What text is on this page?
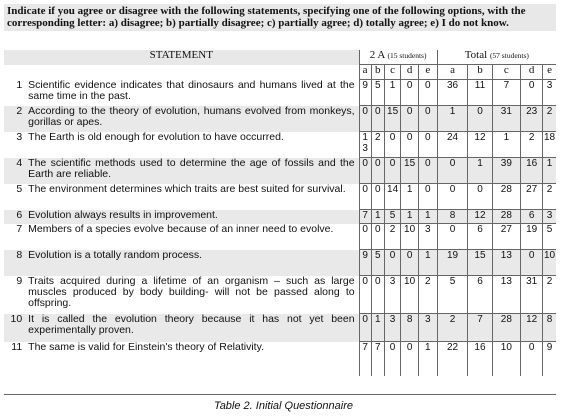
Indicate if you agree or disagree with the following statements, specifying one of the following options, with the corresponding letter: a) disagree; b) partially disagree; c) partially agree; d) totally agree; e) I do not know.
STATEMENT		2 A (15 students)					Total (57 students)				
		a	b	c	d	e	a	b	c	d	e
1	Scientific evidence indicates that dinosaurs and humans lived at the same time in the past.	9	5	1	0	0	36	11	7	0	3
2	According to the theory of evolution, humans evolved from monkeys, gorillas or apes.	0	0	15	0	0	1	0	31	23	2
3	The Earth is old enough for evolution to have occurred.	13	2	0	0	0	24	12	1	2	18
4	The scientific methods used to determine the age of fossils and the Earth are reliable.	0	0	0	15	0	0	1	39	16	1
5	The environment determines which traits are best suited for survival.	0	0	14	1	0	0	0	28	27	2
6	Evolution always results in improvement.	7	1	5	1	1	8	12	28	6	3
7	Members of a species evolve because of an inner need to evolve.	0	0	2	10	3	0	6	27	19	5
8	Evolution is a totally random process.	9	5	0	0	1	19	15	13	0	10
9	Traits acquired during a lifetime of an organism – such as large muscles produced by body building- will not be passed along to offspring.	0	0	3	10	2	5	6	13	31	2
10	It is called the evolution theory because it has not yet been experimentally proven.	0	1	3	8	3	2	7	28	12	8
11	The same is valid for Einstein's theory of Relativity.	7	7	0	0	1	22	16	10	0	9
Table 2. Initial Questionnaire
